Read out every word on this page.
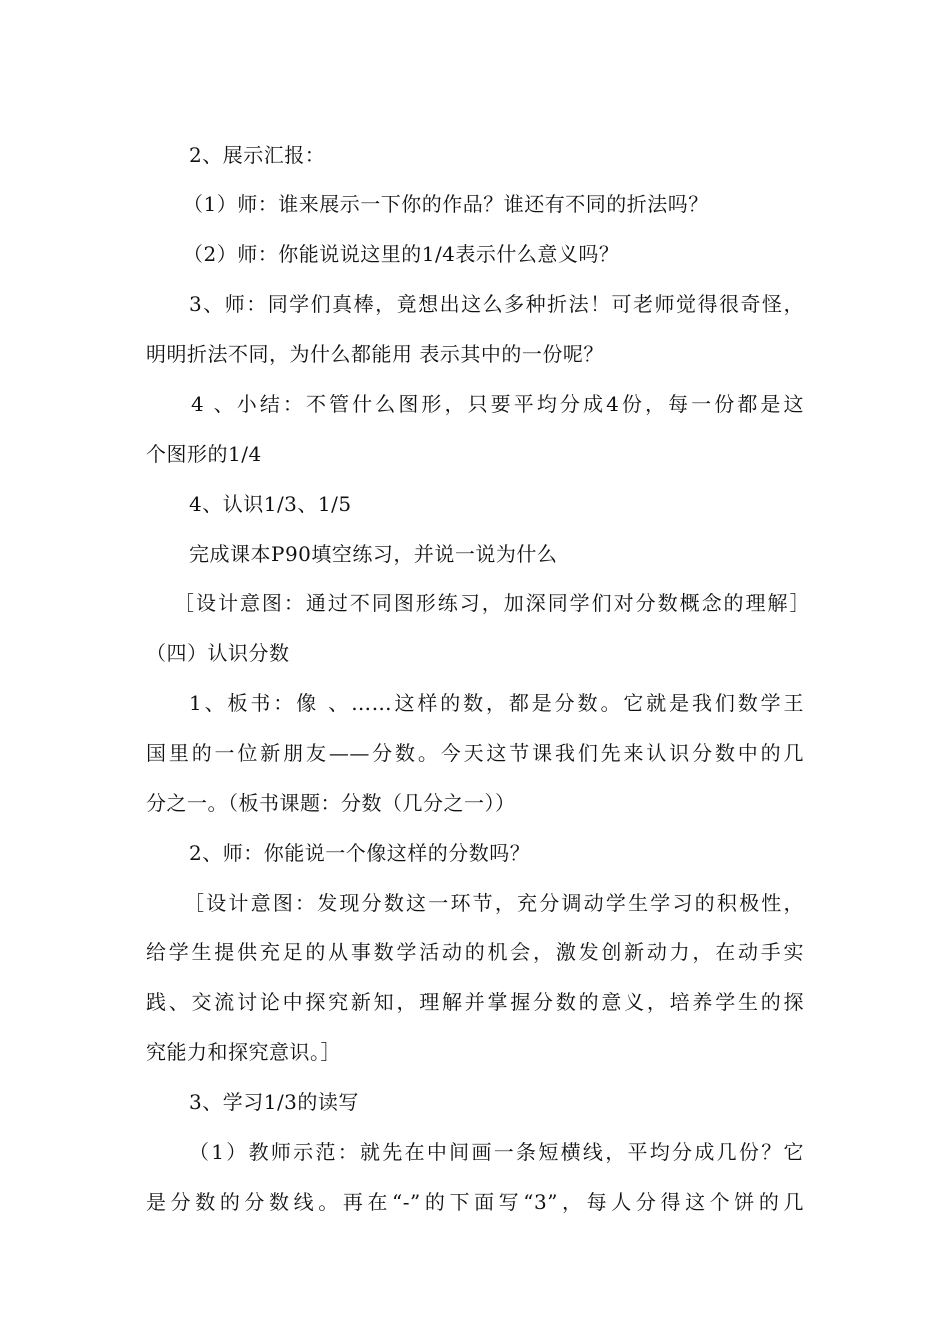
2、展示汇报：
（1）师：谁来展示一下你的作品？谁还有不同的折法吗？
（2）师：你能说说这里的1/4表示什么意义吗？
3、师：同学们真棒，竟想出这么多种折法！可老师觉得很奇怪，
明明折法不同，为什么都能用 表示其中的一份呢？
4 、小结：不管什么图形，只要平均分成4份，每一份都是这
个图形的1/4
4、认识1/3、1/5
完成课本P90填空练习，并说一说为什么
［设计意图：通过不同图形练习，加深同学们对分数概念的理解］
（四）认识分数
1、板书：像 、……这样的数，都是分数。它就是我们数学王
国里的一位新朋友——分数。今天这节课我们先来认识分数中的几
分之一。（板书课题：分数（几分之一））
2、师：你能说一个像这样的分数吗？
［设计意图：发现分数这一环节，充分调动学生学习的积极性，
给学生提供充足的从事数学活动的机会，激发创新动力，在动手实
践、交流讨论中探究新知，理解并掌握分数的意义，培养学生的探
究能力和探究意识。］
3、学习1/3的读写
（1）教师示范：就先在中间画一条短横线，平均分成几份？它
是分数的分数线。再在“-”的下面写“3”，每人分得这个饼的几
